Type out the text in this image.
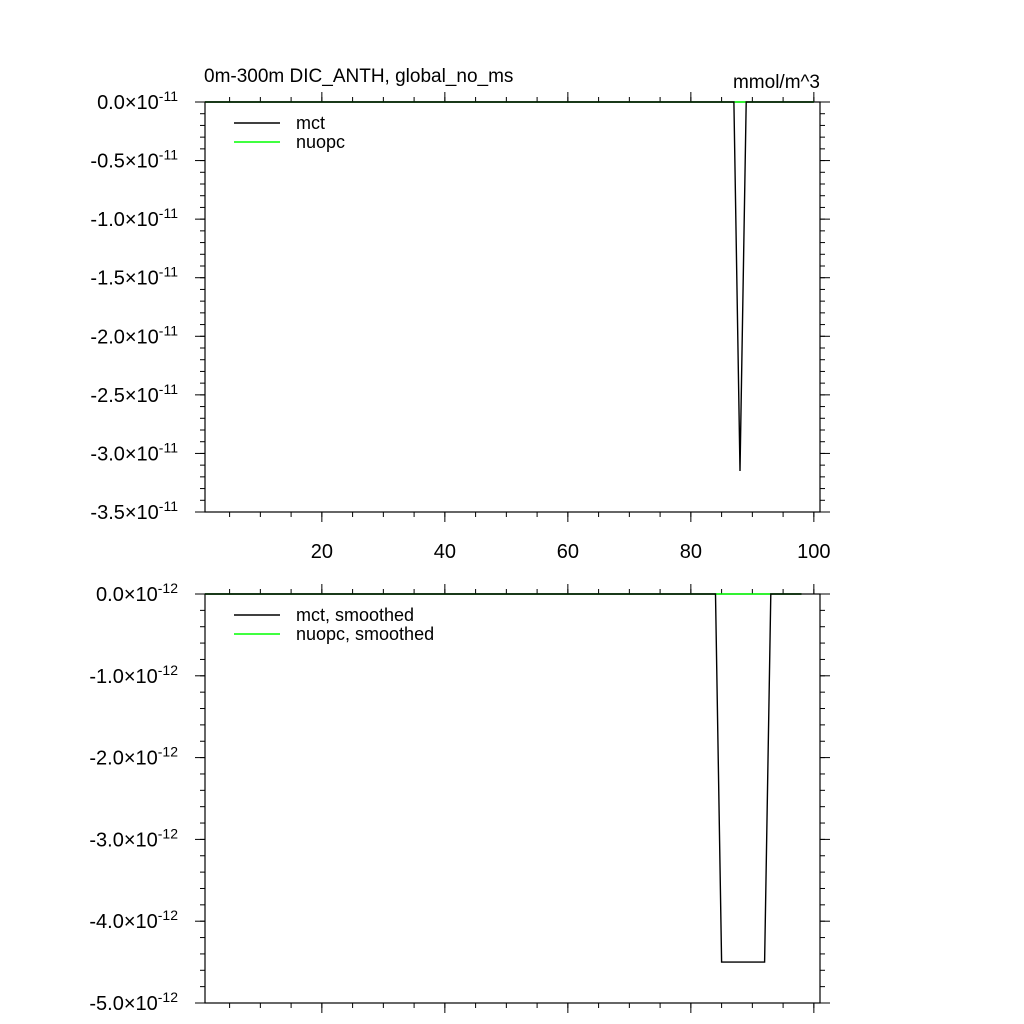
0m-300m DIC_ANTH, global_no_ms	mmol/m^3
20	40	60	80	100
$0.0\times 10^{-11}$
$-0.5\times 10^{-11}$
$-1.0\times 10^{-11}$
$-1.5\times 10^{-11}$
$-2.0\times 10^{-11}$
$-2.5\times 10^{-11}$
$-3.0\times 10^{-11}$
$-3.5\times 10^{-11}$
mct
nuopc
$0.0\times 10^{-12}$
$-1.0\times 10^{-12}$
$-2.0\times 10^{-12}$
$-3.0\times 10^{-12}$
$-4.0\times 10^{-12}$
$-5.0\times 10^{-12}$
mct, smoothed
nuopc, smoothed
